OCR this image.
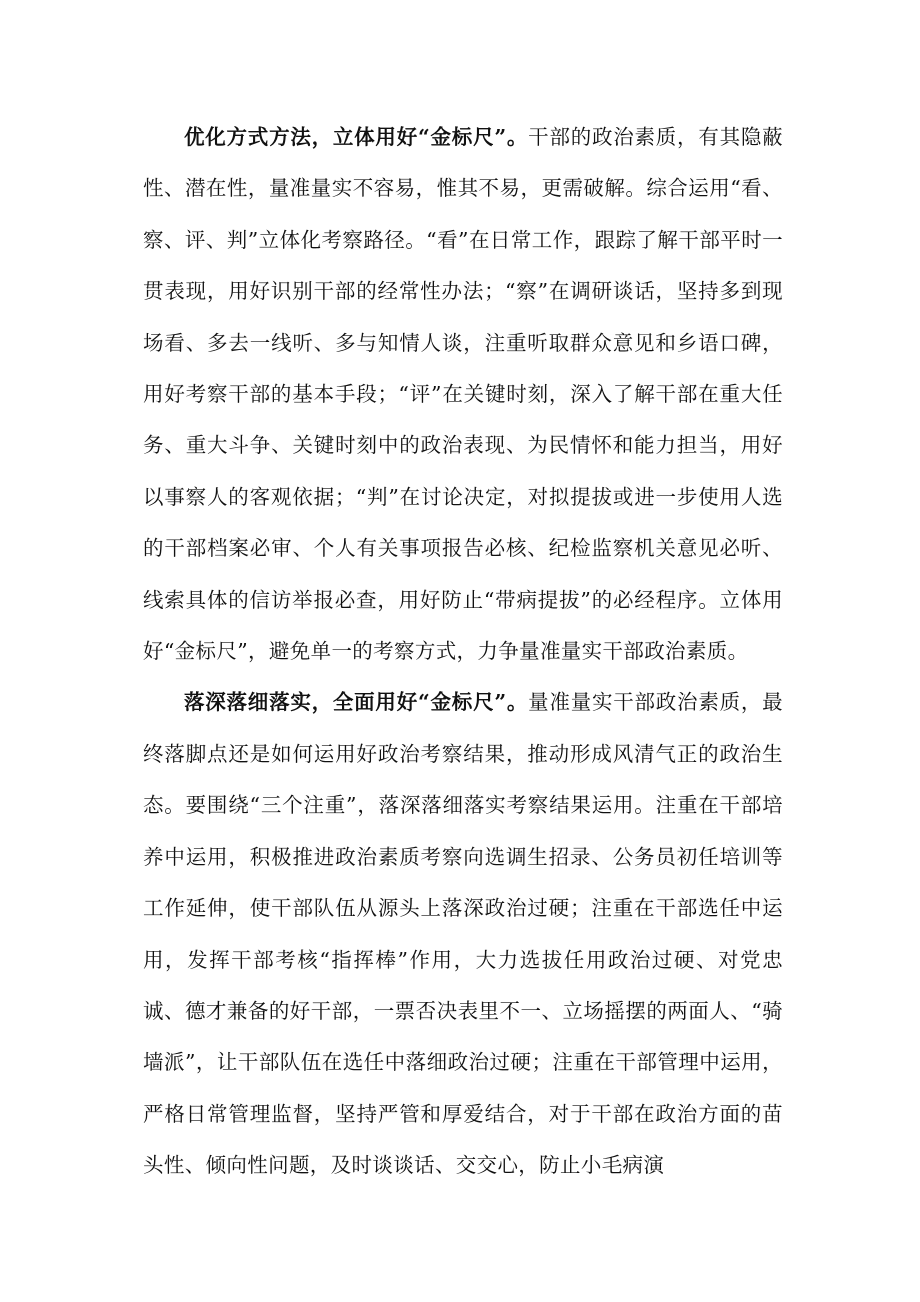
优化方式方法，立体用好“金标尺”。干部的政治素质，有其隐蔽性、潜在性，量准量实不容易，惟其不易，更需破解。综合运用“看、察、评、判”立体化考察路径。“看”在日常工作，跟踪了解干部平时一贯表现，用好识别干部的经常性办法；“察”在调研谈话，坚持多到现场看、多去一线听、多与知情人谈，注重听取群众意见和乡语口碑，用好考察干部的基本手段；“评”在关键时刻，深入了解干部在重大任务、重大斗争、关键时刻中的政治表现、为民情怀和能力担当，用好以事察人的客观依据；“判”在讨论决定，对拟提拔或进一步使用人选的干部档案必审、个人有关事项报告必核、纪检监察机关意见必听、线索具体的信访举报必查，用好防止“带病提拔”的必经程序。立体用好“金标尺”，避免单一的考察方式，力争量准量实干部政治素质。

落深落细落实，全面用好“金标尺”。量准量实干部政治素质，最终落脚点还是如何运用好政治考察结果，推动形成风清气正的政治生态。要围绕“三个注重”，落深落细落实考察结果运用。注重在干部培养中运用，积极推进政治素质考察向选调生招录、公务员初任培训等工作延伸，使干部队伍从源头上落深政治过硬；注重在干部选任中运用，发挥干部考核“指挥棒”作用，大力选拔任用政治过硬、对党忠诚、德才兼备的好干部，一票否决表里不一、立场摇摆的两面人、“骑墙派”，让干部队伍在选任中落细政治过硬；注重在干部管理中运用，严格日常管理监督，坚持严管和厚爱结合，对于干部在政治方面的苗头性、倾向性问题，及时谈谈话、交交心，防止小毛病演
